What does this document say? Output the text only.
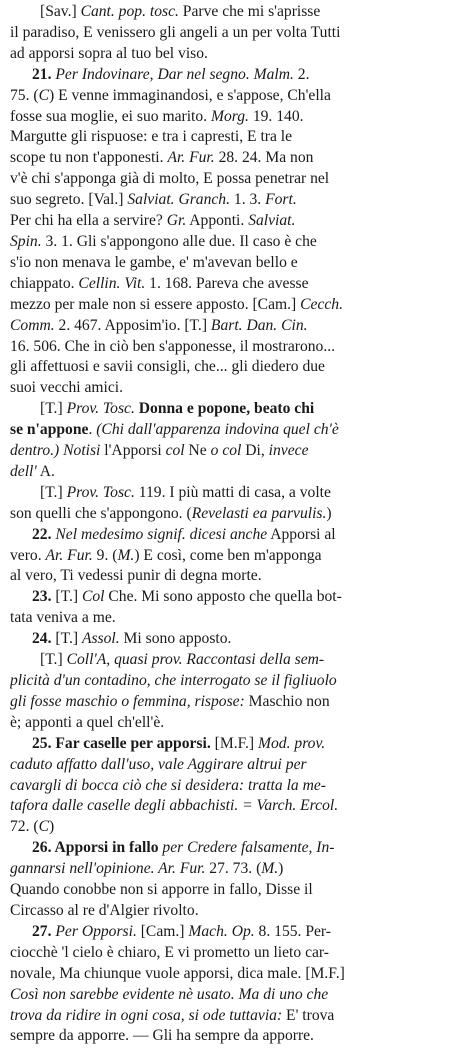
[Sav.] Cant. pop. tosc. Parve che mi s'aprisse
il paradiso, E venissero gli angeli a un per volta Tutti
ad apporsi sopra al tuo bel viso.
21. Per Indovinare, Dar nel segno. Malm. 2.
75. (C) E venne immaginandosi, e s'appose, Ch'ella
fosse sua moglie, ei suo marito. Morg. 19. 140.
Margutte gli rispuose: e tra i capresti, E tra le
scope tu non t'apponesti. Ar. Fur. 28. 24. Ma non
v'è chi s'apponga già di molto, E possa penetrar nel
suo segreto. [Val.] Salviat. Granch. 1. 3. Fort.
Per chi ha ella a servire? Gr. Apponti. Salviat.
Spin. 3. 1. Gli s'appongono alle due. Il caso è che
s'io non menava le gambe, e' m'avevan bello e
chiappato. Cellin. Vit. 1. 168. Pareva che avesse
mezzo per male non si essere apposto. [Cam.] Cecch.
Comm. 2. 467. Apposim'io. [T.] Bart. Dan. Cin.
16. 506. Che in ciò ben s'apponesse, il mostrarono...
gli affettuosi e savii consigli, che... gli diedero due
suoi vecchi amici.
[T.] Prov. Tosc. Donna e popone, beato chi
se n'appone. (Chi dall'apparenza indovina quel ch'è
dentro.) Notisi l'Apporsi col Ne o col Di, invece
dell' A.
[T.] Prov. Tosc. 119. I più matti di casa, a volte
son quelli che s'appongono. (Revelasti ea parvulis.)
22. Nel medesimo signif. dicesi anche Apporsi al
vero. Ar. Fur. 9. (M.) E così, come ben m'apponga
al vero, Ti vedessi punir di degna morte.
23. [T.] Col Che. Mi sono apposto che quella bot-
tata veniva a me.
24. [T.] Assol. Mi sono apposto.
[T.] Coll'A, quasi prov. Raccontasi della sem-
plicità d'un contadino, che interrogato se il figliuolo
gli fosse maschio o femmina, rispose: Maschio non
è; apponti a quel ch'ell'è.
25. Far caselle per apporsi. [M.F.] Mod. prov.
caduto affatto dall'uso, vale Aggirare altrui per
cavargli di bocca ciò che si desidera: tratta la me-
tafora dalle caselle degli abbachisti. = Varch. Ercol.
72. (C)
26. Apporsi in fallo per Credere falsamente, In-
gannarsi nell'opinione. Ar. Fur. 27. 73. (M.)
Quando conobbe non si apporre in fallo, Disse il
Circasso al re d'Algier rivolto.
27. Per Opporsi. [Cam.] Mach. Op. 8. 155. Per-
ciocchè 'l cielo è chiaro, E vi prometto un lieto car-
novale, Ma chiunque vuole apporsi, dica male. [M.F.]
Così non sarebbe evidente nè usato. Ma di uno che
trova da ridire in ogni cosa, si ode tuttavia: E' trova
sempre da apporre. — Gli ha sempre da apporre.
